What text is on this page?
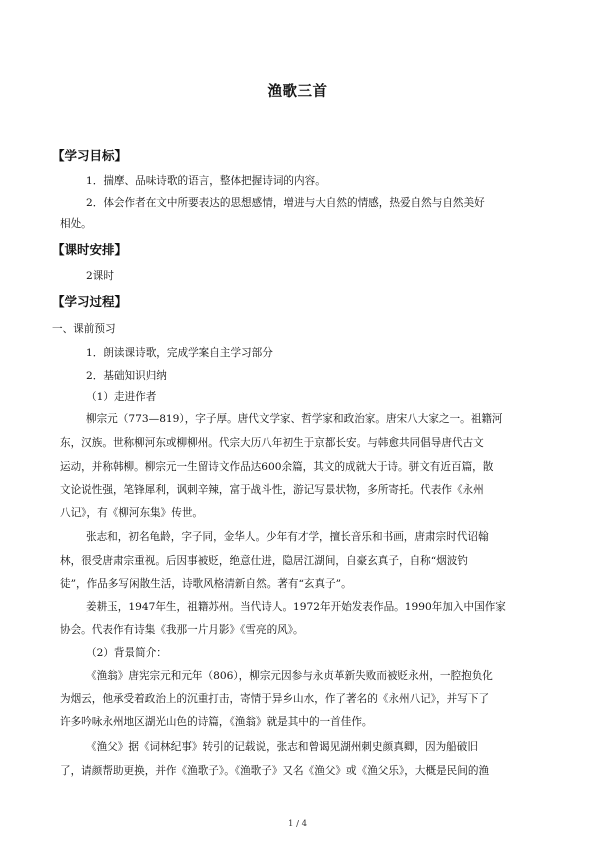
渔歌三首
【学习目标】
1．揣摩、品味诗歌的语言，整体把握诗词的内容。
2．体会作者在文中所要表达的思想感情，增进与大自然的情感，热爱自然与自然美好
相处。
【课时安排】
2课时
【学习过程】
一、课前预习
1．朗读课诗歌，完成学案自主学习部分
2．基础知识归纳
（1）走进作者
柳宗元（773—819），字子厚。唐代文学家、哲学家和政治家。唐宋八大家之一。祖籍河
东，汉族。世称柳河东或柳柳州。代宗大历八年初生于京都长安。与韩愈共同倡导唐代古文
运动，并称韩柳。柳宗元一生留诗文作品达600余篇，其文的成就大于诗。骈文有近百篇，散
文论说性强，笔锋犀利，讽刺辛辣，富于战斗性，游记写景状物，多所寄托。代表作《永州
八记》，有《柳河东集》传世。
张志和，初名龟龄，字子同，金华人。少年有才学，擅长音乐和书画，唐肃宗时代诏翰
林，很受唐肃宗重视。后因事被贬，绝意仕进，隐居江湖间，自豪玄真子，自称“烟波钓
徒”，作品多写闲散生活，诗歌风格清新自然。著有“玄真子”。
姜耕玉，1947年生，祖籍苏州。当代诗人。1972年开始发表作品。1990年加入中国作家
协会。代表作有诗集《我那一片月影》《雪亮的风》。
（2）背景简介：
《渔翁》唐宪宗元和元年（806），柳宗元因参与永贞革新失败而被贬永州，一腔抱负化
为烟云，他承受着政治上的沉重打击，寄情于异乡山水，作了著名的《永州八记》，并写下了
许多吟咏永州地区湖光山色的诗篇，《渔翁》就是其中的一首佳作。
《渔父》据《词林纪事》转引的记载说，张志和曾谒见湖州刺史颜真卿，因为船破旧
了，请颜帮助更换，并作《渔歌子》。《渔歌子》又名《渔父》或《渔父乐》，大概是民间的渔
1 / 4
